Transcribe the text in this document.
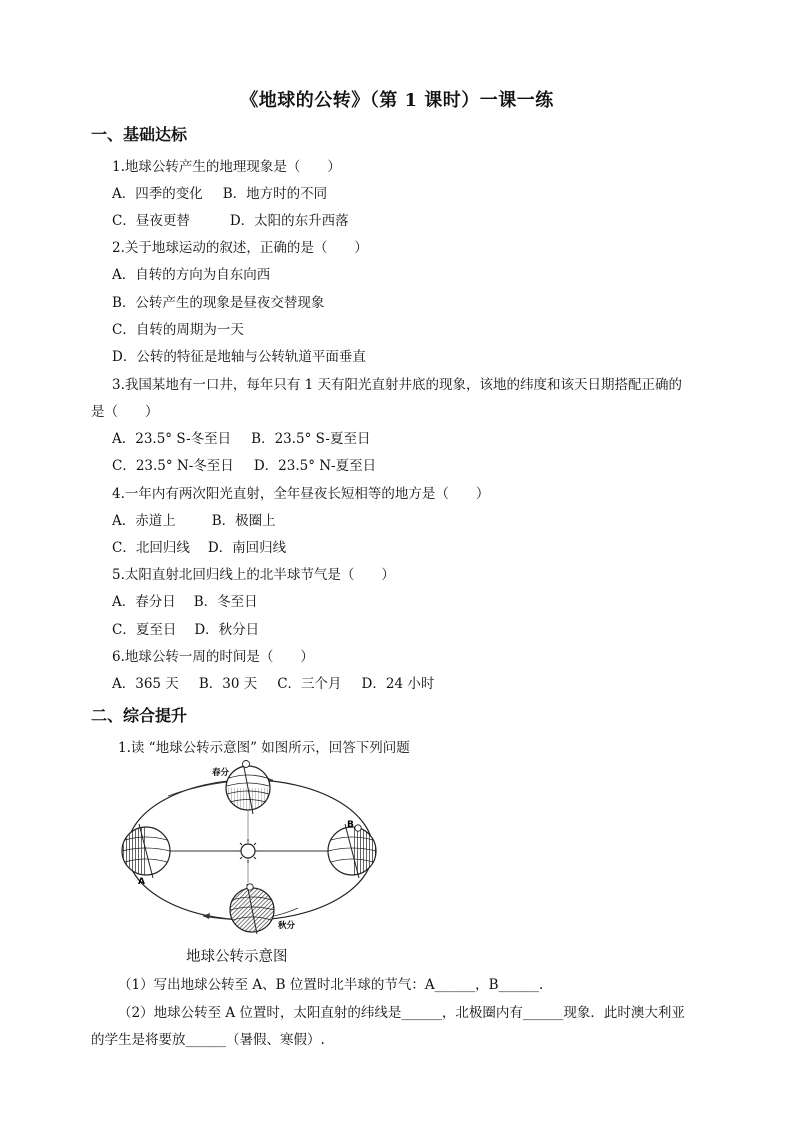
《地球的公转》（第 1 课时）一课一练
一、基础达标
1.地球公转产生的地理现象是（　　）
A．四季的变化 B．地方时的不同
C．昼夜更替	D．太阳的东升西落
2.关于地球运动的叙述，正确的是（　　）
A．自转的方向为自东向西
B．公转产生的现象是昼夜交替现象
C．自转的周期为一天
D．公转的特征是地轴与公转轨道平面垂直
3.我国某地有一口井，每年只有 1 天有阳光直射井底的现象，该地的纬度和该天日期搭配正确的
是（　　）
A．23.5° S-冬至日 B．23.5° S-夏至日
C．23.5° N-冬至日 D．23.5° N-夏至日
4.一年内有两次阳光直射，全年昼夜长短相等的地方是（　　）
A．赤道上	B．极圈上
C．北回归线 D．南回归线
5.太阳直射北回归线上的北半球节气是（　　）
A．春分日 B．冬至日
C．夏至日 D．秋分日
6.地球公转一周的时间是（　　）
A．365 天 B．30 天 C．三个月 D．24 小时
二、综合提升
1.读 “地球公转示意图” 如图所示，回答下列问题
春分
A
B
秋分
地球公转示意图
（1）写出地球公转至 A、B 位置时北半球的节气：A______，B______．
（2）地球公转至 A 位置时，太阳直射的纬线是______，北极圈内有______现象．此时澳大利亚
的学生是将要放______（暑假、寒假）.
